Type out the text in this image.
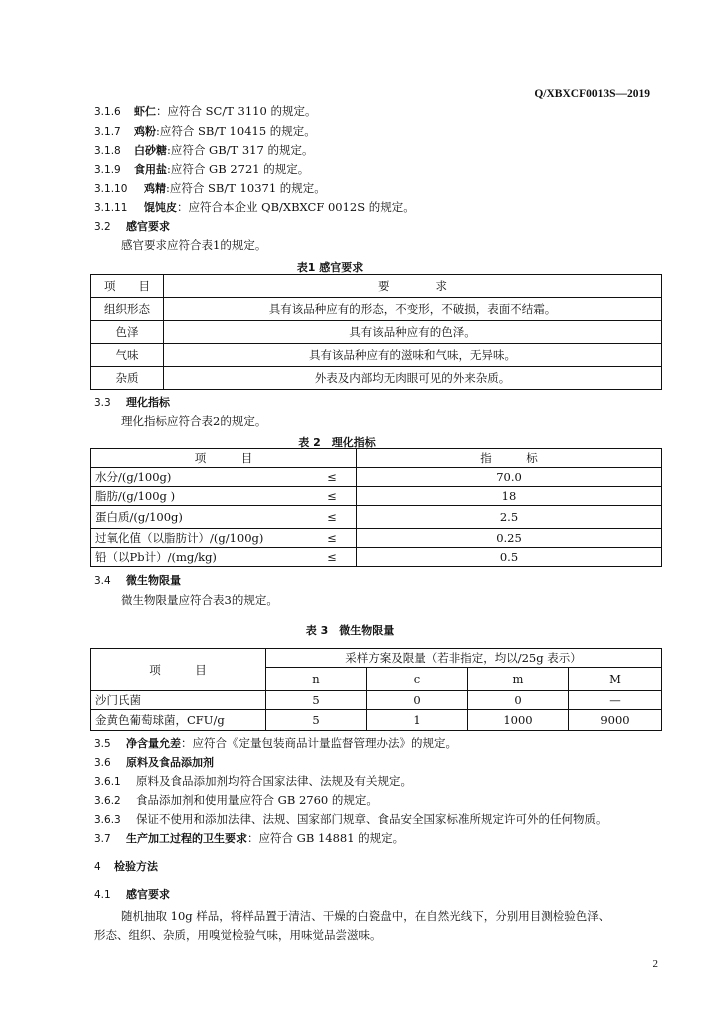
Q/XBXCF0013S—2019
3.1.6 虾仁：应符合 SC/T 3110 的规定。
3.1.7 鸡粉:应符合 SB/T 10415 的规定。
3.1.8 白砂糖:应符合 GB/T 317 的规定。
3.1.9 食用盐:应符合 GB 2721 的规定。
3.1.10 鸡精:应符合 SB/T 10371 的规定。
3.1.11 馄饨皮：应符合本企业 QB/XBXCF 0012S 的规定。
3.2 感官要求
感官要求应符合表1的规定。
表1 感官要求
项　　目	要　　　　求
组织形态	具有该品种应有的形态，不变形，不破损，表面不结霜。
色泽	具有该品种应有的色泽。
气味	具有该品种应有的滋味和气味，无异味。
杂质	外表及内部均无肉眼可见的外来杂质。
3.3 理化指标
理化指标应符合表2的规定。
表 2　理化指标
项　　　目		指　　　标
水分/(g/100g)	≤	70.0
脂肪/(g/100g )	≤	18
蛋白质/(g/100g)	≤	2.5
过氧化值（以脂肪计）/(g/100g)	≤	0.25
铅（以Pb计）/(mg/kg)	≤	0.5
3.4 微生物限量
微生物限量应符合表3的规定。
表 3　微生物限量
项　　　目	采样方案及限量（若非指定，均以/25g 表示）			
	n	c	m	M
沙门氏菌	5	0	0	—
金黄色葡萄球菌，CFU/g	5	1	1000	9000
3.5 净含量允差：应符合《定量包装商品计量监督管理办法》的规定。
3.6 原料及食品添加剂
3.6.1 原料及食品添加剂均符合国家法律、法规及有关规定。
3.6.2 食品添加剂和使用量应符合 GB 2760 的规定。
3.6.3 保证不使用和添加法律、法规、国家部门规章、食品安全国家标准所规定许可外的任何物质。
3.7 生产加工过程的卫生要求：应符合 GB 14881 的规定。
4 检验方法
4.1 感官要求
随机抽取 10g 样品，将样品置于清洁、干燥的白瓷盘中，在自然光线下，分别用目测检验色泽、
形态、组织、杂质，用嗅觉检验气味，用味觉品尝滋味。
2
